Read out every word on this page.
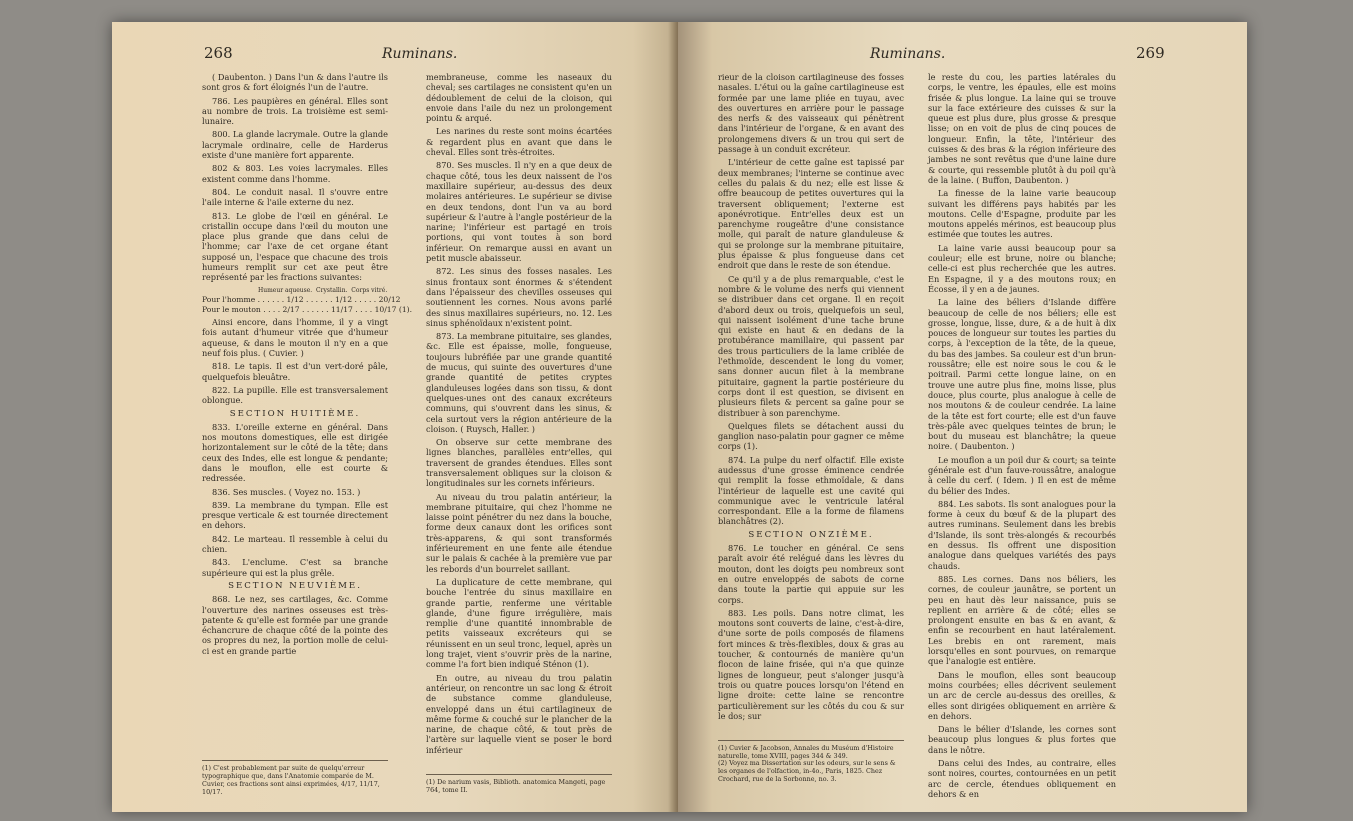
268	Ruminans.

( Daubenton. ) Dans l'un & dans l'autre ils sont gros & fort éloignés l'un de l'autre.

786. Les paupières en général. Elles sont au nombre de trois. La troisième est semi-lunaire.

800. La glande lacrymale. Outre la glande lacrymale ordinaire, celle de Harderus existe d'une manière fort apparente.

802 & 803. Les voies lacrymales. Elles existent comme dans l'homme.

804. Le conduit nasal. Il s'ouvre entre l'aile interne & l'aile externe du nez.

813. Le globe de l'œil en général. Le cristallin occupe dans l'œil du mouton une place plus grande que dans celui de l'homme; car l'axe de cet organe étant supposé un, l'espace que chacune des trois humeurs remplit sur cet axe peut être représenté par les fractions suivantes:

Humeur aqueuse.  Crystallin.  Corps vitré.
Pour l'homme . . . . . . 1/12 . . . . . . 1/12 . . . . . 20/12
Pour le mouton . . . . 2/17 . . . . . . 11/17 . . . . 10/17 (1).

Ainsi encore, dans l'homme, il y a vingt fois autant d'humeur vitrée que d'humeur aqueuse, & dans le mouton il n'y en a que neuf fois plus. ( Cuvier. )

818. Le tapis. Il est d'un vert-doré pâle, quelquefois bleuâtre.

822. La pupille. Elle est transversalement oblongue.

SECTION HUITIÈME.

833. L'oreille externe en général. Dans nos moutons domestiques, elle est dirigée horizontalement sur le côté de la tête; dans ceux des Indes, elle est longue & pendante; dans le mouflon, elle est courte & redressée.

836. Ses muscles. ( Voyez no. 153. )

839. La membrane du tympan. Elle est presque verticale & est tournée directement en dehors.

842. Le marteau. Il ressemble à celui du chien.

843. L'enclume. C'est sa branche supérieure qui est la plus grêle.

SECTION NEUVIÈME.

868. Le nez, ses cartilages, &c. Comme l'ouverture des narines osseuses est très-patente & qu'elle est formée par une grande échancrure de chaque côté de la pointe des os propres du nez, la portion molle de celui-ci est en grande partie

(1) C'est probablement par suite de quelqu'erreur typographique que, dans l'Anatomie comparée de M. Cuvier, ces fractions sont ainsi exprimées, 4/17, 11/17, 10/17.

membraneuse, comme les naseaux du cheval; ses cartilages ne consistent qu'en un dédoublement de celui de la cloison, qui envoie dans l'aile du nez un prolongement pointu & arqué.

Les narines du reste sont moins écartées & regardent plus en avant que dans le cheval. Elles sont très-étroites.

870. Ses muscles. Il n'y en a que deux de chaque côté, tous les deux naissent de l'os maxillaire supérieur, au-dessus des deux molaires antérieures. Le supérieur se divise en deux tendons, dont l'un va au bord supérieur & l'autre à l'angle postérieur de la narine; l'inférieur est partagé en trois portions, qui vont toutes à son bord inférieur. On remarque aussi en avant un petit muscle abaisseur.

872. Les sinus des fosses nasales. Les sinus frontaux sont énormes & s'étendent dans l'épaisseur des chevilles osseuses qui soutiennent les cornes. Nous avons parlé des sinus maxillaires supérieurs, no. 12. Les sinus sphénoïdaux n'existent point.

873. La membrane pituitaire, ses glandes, &c. Elle est épaisse, molle, fongueuse, toujours lubréfiée par une grande quantité de mucus, qui suinte des ouvertures d'une grande quantité de petites cryptes glanduleuses logées dans son tissu, & dont quelques-unes ont des canaux excréteurs communs, qui s'ouvrent dans les sinus, & cela surtout vers la région antérieure de la cloison. ( Ruysch, Haller. )

On observe sur cette membrane des lignes blanches, parallèles entr'elles, qui traversent de grandes étendues. Elles sont transversalement obliques sur la cloison & longitudinales sur les cornets inférieurs.

Au niveau du trou palatin antérieur, la membrane pituitaire, qui chez l'homme ne laisse point pénétrer du nez dans la bouche, forme deux canaux dont les orifices sont très-apparens, & qui sont transformés inférieurement en une fente aile étendue sur le palais & cachée à la première vue par les rebords d'un bourrelet saillant.

La duplicature de cette membrane, qui bouche l'entrée du sinus maxillaire en grande partie, renferme une véritable glande, d'une figure irrégulière, mais remplie d'une quantité innombrable de petits vaisseaux excréteurs qui se réunissent en un seul tronc, lequel, après un long trajet, vient s'ouvrir près de la narine, comme l'a fort bien indiqué Sténon (1).

En outre, au niveau du trou palatin antérieur, on rencontre un sac long & étroit de substance comme glanduleuse, enveloppé dans un étui cartilagineux de même forme & couché sur le plancher de la narine, de chaque côté, & tout près de l'artère sur laquelle vient se poser le bord inférieur

(1) De narium vasis, Biblioth. anatomica Mangeti, page 764, tome II.
Ruminans.	269

rieur de la cloison cartilagineuse des fosses nasales. L'étui ou la gaîne cartilagineuse est formée par une lame pliée en tuyau, avec des ouvertures en arrière pour le passage des nerfs & des vaisseaux qui pénètrent dans l'intérieur de l'organe, & en avant des prolongemens divers & un trou qui sert de passage à un conduit excréteur.

L'intérieur de cette gaîne est tapissé par deux membranes; l'interne se continue avec celles du palais & du nez; elle est lisse & offre beaucoup de petites ouvertures qui la traversent obliquement; l'externe est aponévrotique. Entr'elles deux est un parenchyme rougeâtre d'une consistance molle, qui paraît de nature glanduleuse & qui se prolonge sur la membrane pituitaire, plus épaisse & plus fongueuse dans cet endroit que dans le reste de son étendue.

Ce qu'il y a de plus remarquable, c'est le nombre & le volume des nerfs qui viennent se distribuer dans cet organe. Il en reçoit d'abord deux ou trois, quelquefois un seul, qui naissent isolément d'une tache brune qui existe en haut & en dedans de la protubérance mamillaire, qui passent par des trous particuliers de la lame criblée de l'ethmoïde, descendent le long du vomer, sans donner aucun filet à la membrane pituitaire, gagnent la partie postérieure du corps dont il est question, se divisent en plusieurs filets & percent sa gaîne pour se distribuer à son parenchyme.

Quelques filets se détachent aussi du ganglion naso-palatin pour gagner ce même corps (1).

874. La pulpe du nerf olfactif. Elle existe audessus d'une grosse éminence cendrée qui remplit la fosse ethmoïdale, & dans l'intérieur de laquelle est une cavité qui communique avec le ventricule latéral correspondant. Elle a la forme de filamens blanchâtres (2).

SECTION ONZIÈME.

876. Le toucher en général. Ce sens paraît avoir été relégué dans les lèvres du mouton, dont les doigts peu nombreux sont en outre enveloppés de sabots de corne dans toute la partie qui appuie sur les corps.

883. Les poils. Dans notre climat, les moutons sont couverts de laine, c'est-à-dire, d'une sorte de poils composés de filamens fort minces & très-flexibles, doux & gras au toucher, & contournés de manière qu'un flocon de laine frisée, qui n'a que quinze lignes de longueur, peut s'alonger jusqu'à trois ou quatre pouces lorsqu'on l'étend en ligne droite: cette laine se rencontre particulièrement sur les côtés du cou & sur le dos; sur

(1) Cuvier & Jacobson, Annales du Muséum d'Histoire naturelle, tome XVIII, pages 344 & 349.
(2) Voyez ma Dissertation sur les odeurs, sur le sens & les organes de l'olfaction, in-4o., Paris, 1825. Chez Crochard, rue de la Sorbonne, no. 3.

le reste du cou, les parties latérales du corps, le ventre, les épaules, elle est moins frisée & plus longue. La laine qui se trouve sur la face extérieure des cuisses & sur la queue est plus dure, plus grosse & presque lisse; on en voit de plus de cinq pouces de longueur. Enfin, la tête, l'intérieur des cuisses & des bras & la région inférieure des jambes ne sont revêtus que d'une laine dure & courte, qui ressemble plutôt à du poil qu'à de la laine. ( Buffon, Daubenton. )

La finesse de la laine varie beaucoup suivant les différens pays habités par les moutons. Celle d'Espagne, produite par les moutons appelés mérinos, est beaucoup plus estimée que toutes les autres.

La laine varie aussi beaucoup pour sa couleur; elle est brune, noire ou blanche; celle-ci est plus recherchée que les autres. En Espagne, il y a des moutons roux; en Écosse, il y en a de jaunes.

La laine des béliers d'Islande diffère beaucoup de celle de nos béliers; elle est grosse, longue, lisse, dure, & a de huit à dix pouces de longueur sur toutes les parties du corps, à l'exception de la tête, de la queue, du bas des jambes. Sa couleur est d'un brun-roussâtre; elle est noire sous le cou & le poitrail. Parmi cette longue laine, on en trouve une autre plus fine, moins lisse, plus douce, plus courte, plus analogue à celle de nos moutons & de couleur cendrée. La laine de la tête est fort courte; elle est d'un fauve très-pâle avec quelques teintes de brun; le bout du museau est blanchâtre; la queue noire. ( Daubenton. )

Le mouflon a un poil dur & court; sa teinte générale est d'un fauve-roussâtre, analogue à celle du cerf. ( Idem. ) Il en est de même du bélier des Indes.

884. Les sabots. Ils sont analogues pour la forme à ceux du bœuf & de la plupart des autres ruminans. Seulement dans les brebis d'Islande, ils sont très-alongés & recourbés en dessus. Ils offrent une disposition analogue dans quelques variétés des pays chauds.

885. Les cornes. Dans nos béliers, les cornes, de couleur jaunâtre, se portent un peu en haut dès leur naissance, puis se replient en arrière & de côté; elles se prolongent ensuite en bas & en avant, & enfin se recourbent en haut latéralement. Les brebis en ont rarement, mais lorsqu'elles en sont pourvues, on remarque que l'analogie est entière.

Dans le mouflon, elles sont beaucoup moins courbées; elles décrivent seulement un arc de cercle au-dessus des oreilles, & elles sont dirigées obliquement en arrière & en dehors.

Dans le bélier d'Islande, les cornes sont beaucoup plus longues & plus fortes que dans le nôtre.

Dans celui des Indes, au contraire, elles sont noires, courtes, contournées en un petit arc de cercle, étendues obliquement en dehors & en
